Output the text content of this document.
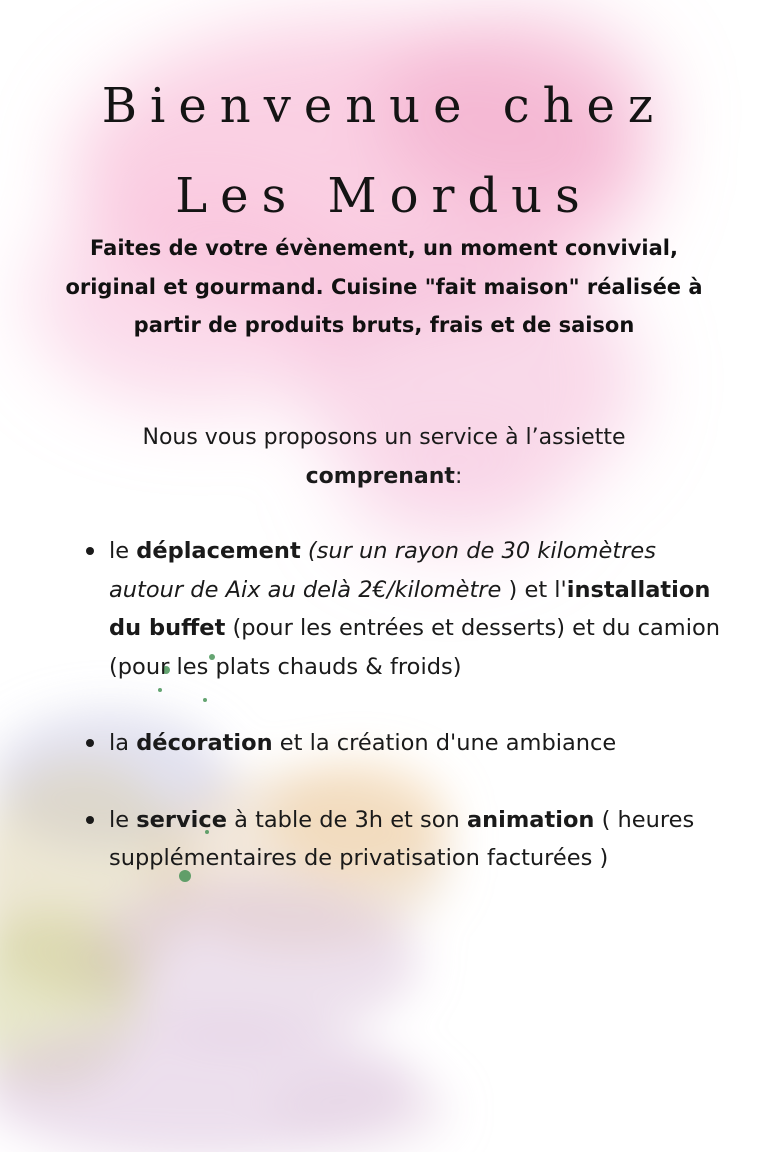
Bienvenue chez
Les Mordus

Faites de votre évènement, un moment convivial, original et gourmand. Cuisine "fait maison" réalisée à partir de produits bruts, frais et de saison

Nous vous proposons un service à l’assiette
comprenant:

le déplacement (sur un rayon de 30 kilomètres autour de Aix au delà 2€/kilomètre ) et l'installation du buffet (pour les entrées et desserts) et du camion (pour les plats chauds & froids)
la décoration et la création d'une ambiance
le service à table de 3h et son animation ( heures supplémentaires de privatisation facturées )
